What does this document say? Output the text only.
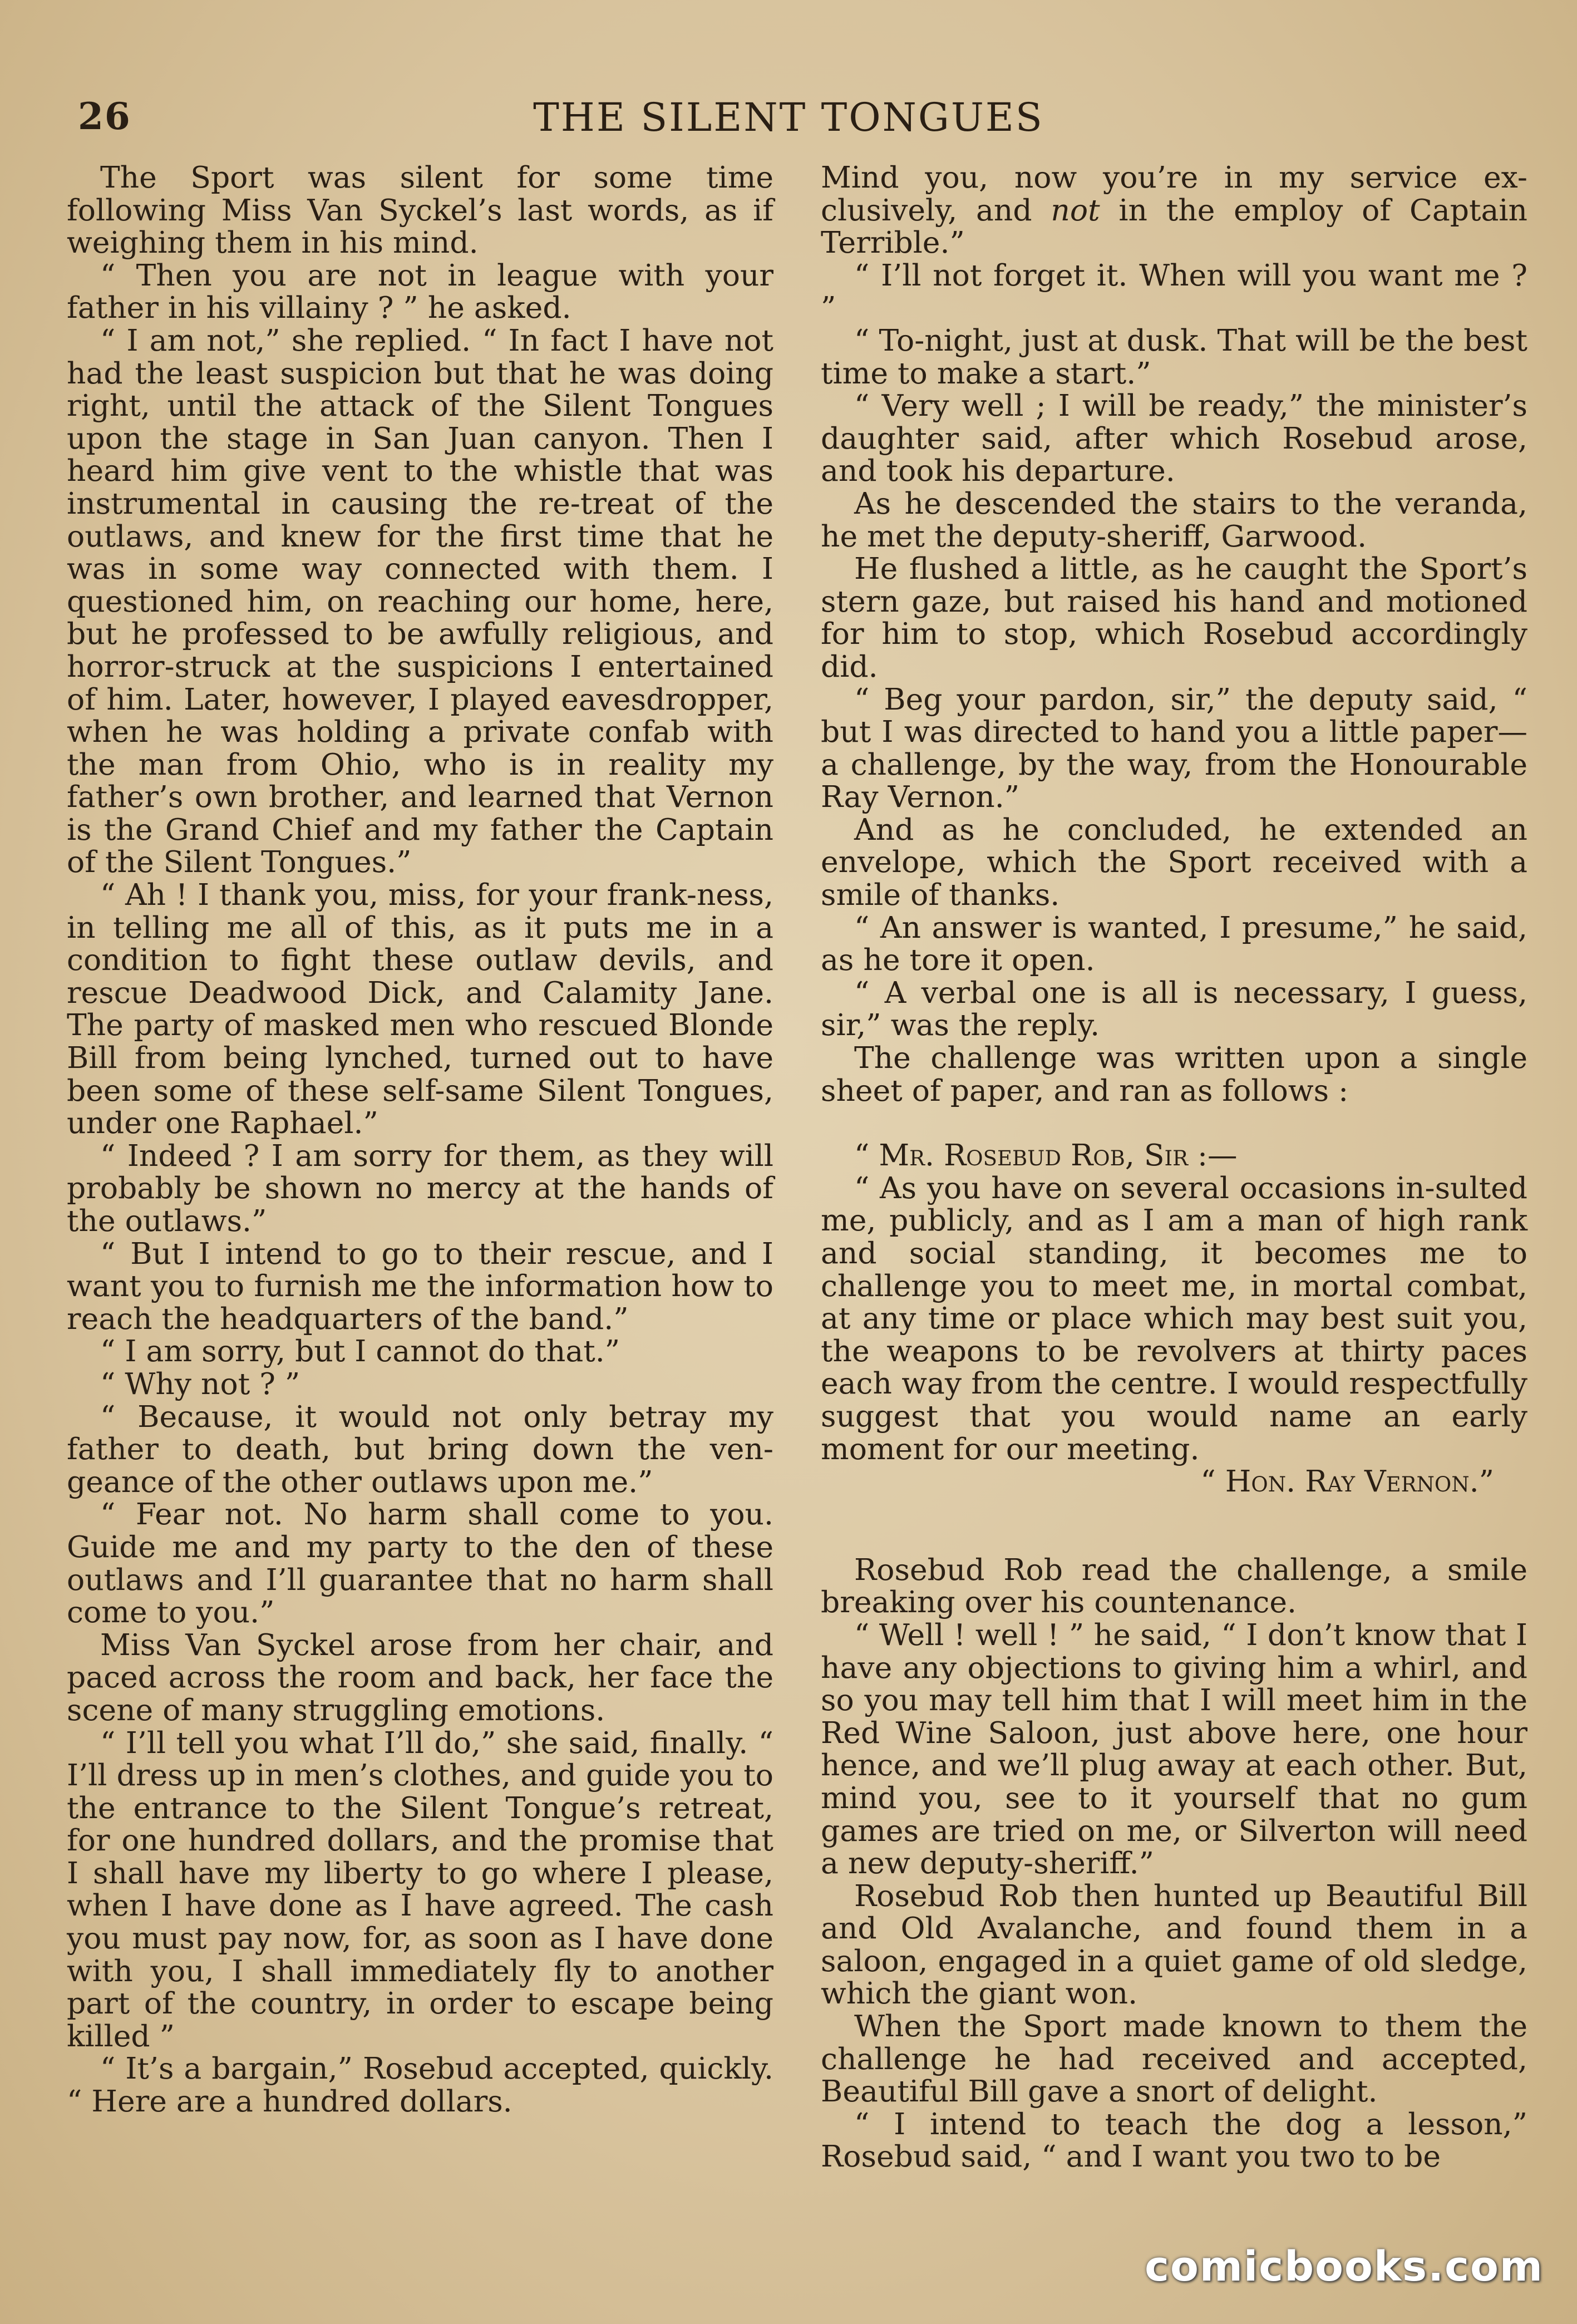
26	THE SILENT TONGUES

The Sport was silent for some time following Miss Van Syckel’s last words, as if weighing them in his mind.

“ Then you are not in league with your father in his villainy ? ” he asked.

“ I am not,” she replied. “ In fact I have not had the least suspicion but that he was doing right, until the attack of the Silent Tongues upon the stage in San Juan canyon. Then I heard him give vent to the whistle that was instrumental in causing the re-treat of the outlaws, and knew for the first time that he was in some way connected with them. I questioned him, on reaching our home, here, but he professed to be awfully religious, and horror-struck at the suspicions I entertained of him. Later, however, I played eavesdropper, when he was holding a private confab with the man from Ohio, who is in reality my father’s own brother, and learned that Vernon is the Grand Chief and my father the Captain of the Silent Tongues.”

“ Ah ! I thank you, miss, for your frank-ness, in telling me all of this, as it puts me in a condition to fight these outlaw devils, and rescue Deadwood Dick, and Calamity Jane. The party of masked men who rescued Blonde Bill from being lynched, turned out to have been some of these self-same Silent Tongues, under one Raphael.”

“ Indeed ? I am sorry for them, as they will probably be shown no mercy at the hands of the outlaws.”

“ But I intend to go to their rescue, and I want you to furnish me the information how to reach the headquarters of the band.”

“ I am sorry, but I cannot do that.”

“ Why not ? ”

“ Because, it would not only betray my father to death, but bring down the ven-geance of the other outlaws upon me.”

“ Fear not. No harm shall come to you. Guide me and my party to the den of these outlaws and I’ll guarantee that no harm shall come to you.”

Miss Van Syckel arose from her chair, and paced across the room and back, her face the scene of many struggling emotions.

“ I’ll tell you what I’ll do,” she said, finally. “ I’ll dress up in men’s clothes, and guide you to the entrance to the Silent Tongue’s retreat, for one hundred dollars, and the promise that I shall have my liberty to go where I please, when I have done as I have agreed. The cash you must pay now, for, as soon as I have done with you, I shall immediately fly to another part of the country, in order to escape being killed ”

“ It’s a bargain,” Rosebud accepted, quickly. “ Here are a hundred dollars.

Mind you, now you’re in my service ex-clusively, and not in the employ of Captain Terrible.”

“ I’ll not forget it. When will you want me ? ”

“ To-night, just at dusk. That will be the best time to make a start.”

“ Very well ; I will be ready,” the minister’s daughter said, after which Rosebud arose, and took his departure.

As he descended the stairs to the veranda, he met the deputy-sheriff, Garwood.

He flushed a little, as he caught the Sport’s stern gaze, but raised his hand and motioned for him to stop, which Rosebud accordingly did.

“ Beg your pardon, sir,” the deputy said, “ but I was directed to hand you a little paper—a challenge, by the way, from the Honourable Ray Vernon.”

And as he concluded, he extended an envelope, which the Sport received with a smile of thanks.

“ An answer is wanted, I presume,” he said, as he tore it open.

“ A verbal one is all is necessary, I guess, sir,” was the reply.

The challenge was written upon a single sheet of paper, and ran as follows :

“ Mr. Rosebud Rob, Sir :—

“ As you have on several occasions in-sulted me, publicly, and as I am a man of high rank and social standing, it becomes me to challenge you to meet me, in mortal combat, at any time or place which may best suit you, the weapons to be revolvers at thirty paces each way from the centre. I would respectfully suggest that you would name an early moment for our meeting.

“ Hon. Ray Vernon.”

Rosebud Rob read the challenge, a smile breaking over his countenance.

“ Well ! well ! ” he said, “ I don’t know that I have any objections to giving him a whirl, and so you may tell him that I will meet him in the Red Wine Saloon, just above here, one hour hence, and we’ll plug away at each other. But, mind you, see to it yourself that no gum games are tried on me, or Silverton will need a new deputy-sheriff.”

Rosebud Rob then hunted up Beautiful Bill and Old Avalanche, and found them in a saloon, engaged in a quiet game of old sledge, which the giant won.

When the Sport made known to them the challenge he had received and accepted, Beautiful Bill gave a snort of delight.

“ I intend to teach the dog a lesson,” Rosebud said, “ and I want you two to be

comicbooks.com
